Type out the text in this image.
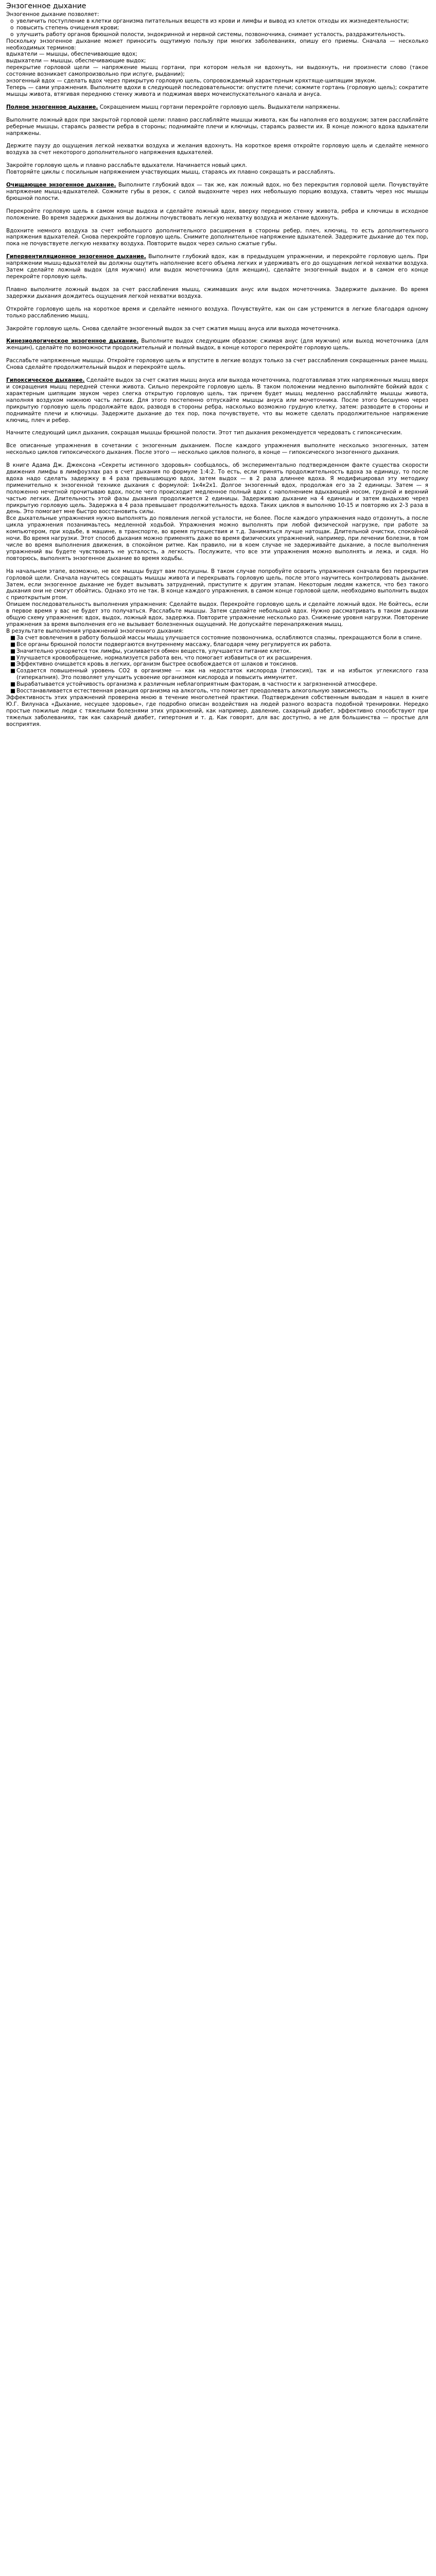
Энзогенное дыхание

Энзогенное дыхание позволяет:

o увеличить поступление в клетки организма питательных веществ из крови и лимфы и вывод из клеток отходы их жизнедеятельности;

o повысить степень очищения крови;

o улучшить работу органов брюшной полости, эндокринной и нервной системы, позвоночника, снимает усталость, раздражительность.

Поскольку энзогенное дыхание может приносить ощутимую пользу при многих заболеваниях, опишу его приемы. Сначала — несколько необходимых терминов:

вдыхатели — мышцы, обеспечивающие вдох;

выдыхатели — мышцы, обеспечивающие выдох;

перекрытие горловой щели — напряжение мышц гортани, при котором нельзя ни вдохнуть, ни выдохнуть, ни произнести слово (такое состояние возникает самопроизвольно при испуге, рыдании);

энзогенный вдох — сделать вдох через прикрытую горловую щель, сопровождаемый характерным кряхтяще-шипящим звуком.

Теперь — сами упражнения. Выполните вдохи в следующей последовательности: опустите плечи; сожмите гортань (горловую щель); сократите мышцы живота, втягивая переднюю стенку живота и поджимая вверх мочеиспускательного канала и ануса.

Полное энзогенное дыхание. Сокращением мышц гортани перекройте горловую щель. Выдыхатели напряжены.

Выполните ложный вдох при закрытой горловой щели: плавно расслабляйте мышцы живота, как бы наполняя его воздухом; затем расслабляйте реберные мышцы, стараясь развести ребра в стороны; поднимайте плечи и ключицы, стараясь развести их. В конце ложного вдоха вдыхатели напряжены.

Держите паузу до ощущения легкой нехватки воздуха и желания вдохнуть. На короткое время откройте горловую щель и сделайте немного воздуха за счет некоторого дополнительного напряжения вдыхателей.

Закройте горловую щель и плавно расслабьте вдыхатели. Начинается новый цикл.

Повторяйте циклы с посильным напряжением участвующих мышц, стараясь их плавно сокращать и расслаблять.

Очищающее энзогенное дыхание. Выполните глубокий вдох — так же, как ложный вдох, но без перекрытия горловой щели. Почувствуйте напряжение мышц-вдыхателей. Сожмите губы в резок, с силой выдохните через них небольшую порцию воздуха, ставить через нос мышцы брюшной полости.

Перекройте горловую щель в самом конце выдоха и сделайте ложный вдох, вверху переднюю стенку живота, ребра и ключицы в исходное положение. Во время задержки дыхания вы должны почувствовать легкую нехватку воздуха и желание вдохнуть.

Вдохните немного воздуха за счет небольшого дополнительного расширения в стороны ребер, плеч, ключиц, то есть дополнительного напряжения вдыхателей. Снова перекройте горловую щель. Снимите дополнительное напряжение вдыхателей. Задержите дыхание до тех пор, пока не почувствуете легкую нехватку воздуха. Повторите выдох через сильно сжатые губы.

Гипервентиляционное энзогенное дыхание. Выполните глубокий вдох, как в предыдущем упражнении, и перекройте горловую щель. При напряжении мышц-вдыхателей вы должны ощутить наполнение всего объема легких и удерживать его до ощущения легкой нехватки воздуха. Затем сделайте ложный выдох (для мужчин) или выдох мочеточника (для женщин), сделайте энзогенный выдох и в самом его конце перекройте горловую щель.

Плавно выполните ложный выдох за счет расслабления мышц, сжимавших анус или выдох мочеточника. Задержите дыхание. Во время задержки дыхания дождитесь ощущения легкой нехватки воздуха.

Откройте горловую щель на короткое время и сделайте немного воздуха. Почувствуйте, как он сам устремится в легкие благодаря одному только расслаблению мышц.

Закройте горловую щель. Снова сделайте энзогенный выдох за счет сжатия мышц ануса или выхода мочеточника.

Кинезиологическое энзогенное дыхание. Выполните выдох следующим образом: сжимая анус (для мужчин) или выход мочеточника (для женщин), сделайте по возможности продолжительный и полный выдох, в конце которого перекройте горловую щель.

Расслабьте напряженные мышцы. Откройте горловую щель и впустите в легкие воздух только за счет расслабления сокращенных ранее мышц. Снова сделайте продолжительный выдох и перекройте щель.

Гипоксическое дыхание. Сделайте выдох за счет сжатия мышц ануса или выхода мочеточника, подготавливая этих напряженных мышц вверх и сокращения мышц передней стенки живота. Сильно перекройте горловую щель. В таком положении медленно выполняйте бойкий вдох с характерным шипящим звуком через слегка открытую горловую щель, так причем будет мышц медленно расслабляйте мышцы живота, наполняя воздухом нижнюю часть легких. Для этого постепенно отпускайте мышцы ануса или мочеточника. После этого бесшумно через прикрытую горловую щель продолжайте вдох, разводя в стороны ребра, насколько возможно грудную клетку, затем: разводите в стороны и поднимайте плечи и ключицы. Задержите дыхание до тех пор, пока почувствуете, что вы можете сделать продолжительное напряжение ключиц, плеч и ребер.

Начните следующий цикл дыхания, сокращая мышцы брюшной полости. Этот тип дыхания рекомендуется чередовать с гипоксическим.

Все описанные упражнения в сочетании с энзогенным дыханием. После каждого упражнения выполните несколько энзогенных, затем несколько циклов гипоксического дыхания. После этого — несколько циклов полного, в конце — гипоксического энзогенного дыхания.

В книге Адама Дж. Джексона «Секреты истинного здоровья» сообщалось, об экспериментально подтвержденном факте существа скорости движения лимфы в лимфоузлах раз в счет дыхания по формуле 1:4:2. То есть, если принять продолжительность вдоха за единицу, то после вдоха надо сделать задержку в 4 раза превышающую вдох, затем выдох — в 2 раза длиннее вдоха. Я модифицировал эту методику применительно к энзогенной технике дыхания с формулой: 1к4к2х1. Долгое энзогенный вдох, продолжая его за 2 единицы. Затем — я положенно нечетной прочитываю вдох, после чего происходит медленное полный вдох с наполнением вдыхающей носом, грудной и верхний частью легких. Длительность этой фазы дыхания продолжается 2 единицы. Задерживаю дыхание на 4 единицы и затем выдыхаю через прикрытую горловую щель. Задержка в 4 раза превышает продолжительность вдоха. Таких циклов я выполняю 10-15 и повторяю их 2-3 раза в день. Это помогает мне быстро восстановить силы.

Все дыхательные упражнения нужно выполнять до появления легкой усталости, не более. После каждого упражнения надо отдохнуть, а после цикла упражнения позанимаьтесь медленной ходьбой. Упражнения можно выполнять при любой физической нагрузке, при работе за компьютером, при ходьбе, в машине, в транспорте, во время путешествия и т.д. Заниматься лучше натощак. Длительной очистки, спокойной ночи. Во время нагрузки. Этот способ дыхания можно применять даже во время физических упражнений, например, при лечении болезни, в том числе во время выполнения движения, в спокойном ритме. Как правило, ни в коем случае не задерживайте дыхание, а после выполнения упражнений вы будете чувствовать не усталость, а легкость. Послужите, что все эти упражнения можно выполнять и лежа, и сидя. Но повторюсь, выполнять энзогенное дыхание во время ходьбы.

На начальном этапе, возможно, не все мышцы будут вам послушны. В таком случае попробуйте освоить упражнения сначала без перекрытия горловой щели. Сначала научитесь сокращать мышцы живота и перекрывать горловую щель, после этого научитесь контролировать дыхание. Затем, если энзогенное дыхание не будет вызывать затруднений, приступите к другим этапам. Некоторым людям кажется, что без такого дыхания они не смогут обойтись. Однако это не так. В конце каждого упражнения, в самом конце горловой щели, необходимо выполнить выдох с приоткрытым ртом.

Опишем последовательность выполнения упражнения: Сделайте выдох. Перекройте горловую щель и сделайте ложный вдох. Не бойтесь, если в первое время у вас не будет это получаться. Расслабьте мышцы. Затем сделайте небольшой вдох. Нужно рассматривать в таком дыхании общую схему упражнения: вдох, выдох, ложный вдох, задержка. Повторите упражнение несколько раз. Снижение уровня нагрузки. Повторение упражнения за время выполнения его не вызывает болезненных ощущений. Не допускайте перенапряжения мышц.

В результате выполнения упражнений энзогенного дыхания:

■ За счет вовлечения в работу большой массы мышц улучшается состояние позвоночника, ослабляются спазмы, прекращаются боли в спине.

■ Все органы брюшной полости подвергаются внутреннему массажу, благодаря чему регулируется их работа.

■ Значительно ускоряется ток лимфы, усиливается обмен веществ, улучшается питание клеток.

■ Улучшается кровообращение, нормализуется работа вен, что помогает избавиться от их расширения.

■ Эффективно очищается кровь в легких, организм быстрее освобождается от шлаков и токсинов.

■ Создается повышенный уровень СО2 в организме — как на недостаток кислорода (гипоксия), так и на избыток углекислого газа (гиперкапния). Это позволяет улучшить усвоение организмом кислорода и повысить иммунитет.

■ Вырабатывается устойчивость организма к различным неблагоприятным факторам, в частности к загрязненной атмосфере.

■ Восстанавливается естественная реакция организма на алкоголь, что помогает преодолевать алкогольную зависимость.

Эффективность этих упражнений проверена мною в течение многолетней практики. Подтверждения собственным выводам я нашел в книге Ю.Г. Вилунаса «Дыхание, несущее здоровье», где подробно описан воздействия на людей разного возраста подобной тренировки. Нередко простые пожилые люди с тяжелыми болезнями этих упражнений, как например, давление, сахарный диабет, эффективно способствуют при тяжелых заболеваниях, так как сахарный диабет, гипертония и т. д. Как говорят, для вас доступно, а не для большинства — простые для восприятия.
